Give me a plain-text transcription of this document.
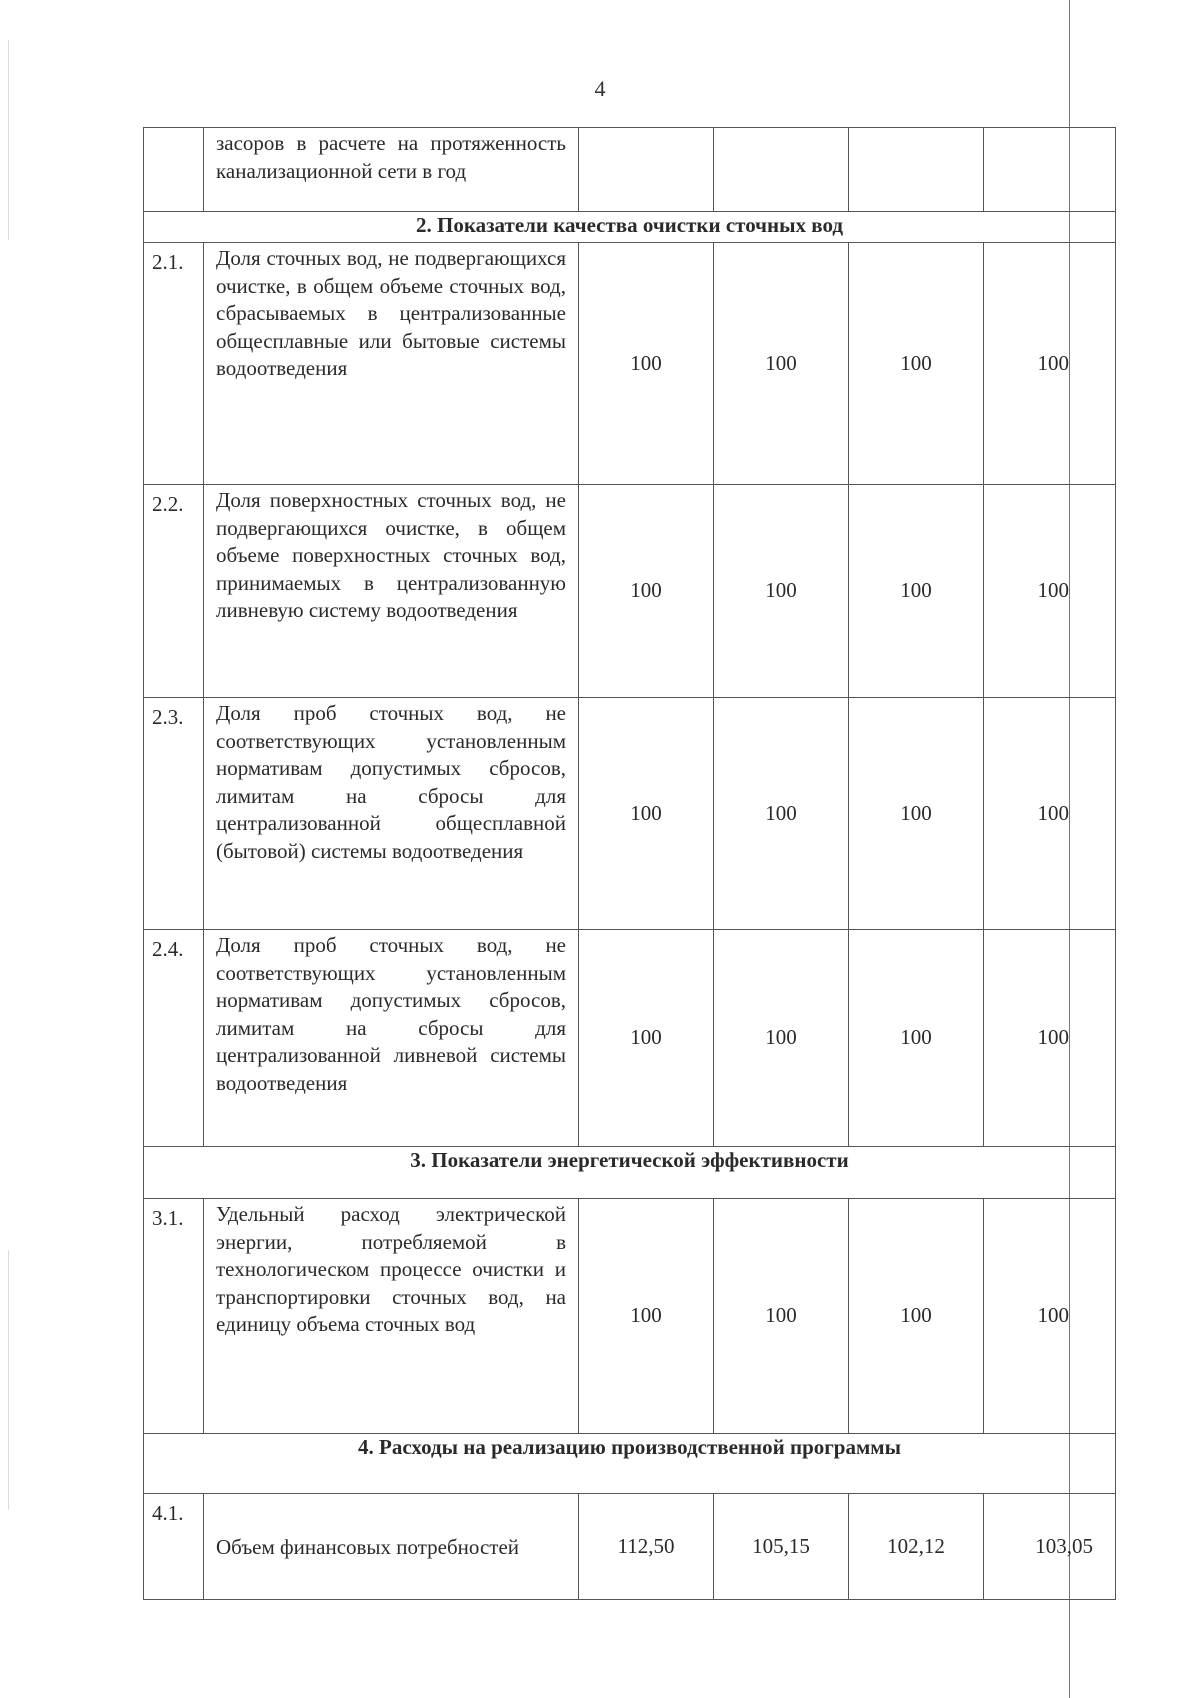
4
	засоров в расчете на протяженность канализационной сети в год				
2. Показатели качества очистки сточных вод					
2.1.	Доля сточных вод, не подвергающихся очистке, в общем объеме сточных вод, сбрасываемых в централизованные общесплавные или бытовые системы водоотведения	100	100	100	100
2.2.	Доля поверхностных сточных вод, не подвергающихся очистке, в общем объеме поверхностных сточных вод, принимаемых в централизованную ливневую систему водоотведения	100	100	100	100
2.3.	Доля проб сточных вод, не соответствующих установленным нормативам допустимых сбросов, лимитам на сбросы для централизованной общесплавной (бытовой) системы водоотведения	100	100	100	100
2.4.	Доля проб сточных вод, не соответствующих установленным нормативам допустимых сбросов, лимитам на сбросы для централизованной ливневой системы водоотведения	100	100	100	100
3. Показатели энергетической эффективности					
3.1.	Удельный расход электрической энергии, потребляемой в технологическом процессе очистки и транспортировки сточных вод, на единицу объема сточных вод	100	100	100	100
4. Расходы на реализацию производственной программы					
4.1.	Объем финансовых потребностей	112,50	105,15	102,12	103,05
